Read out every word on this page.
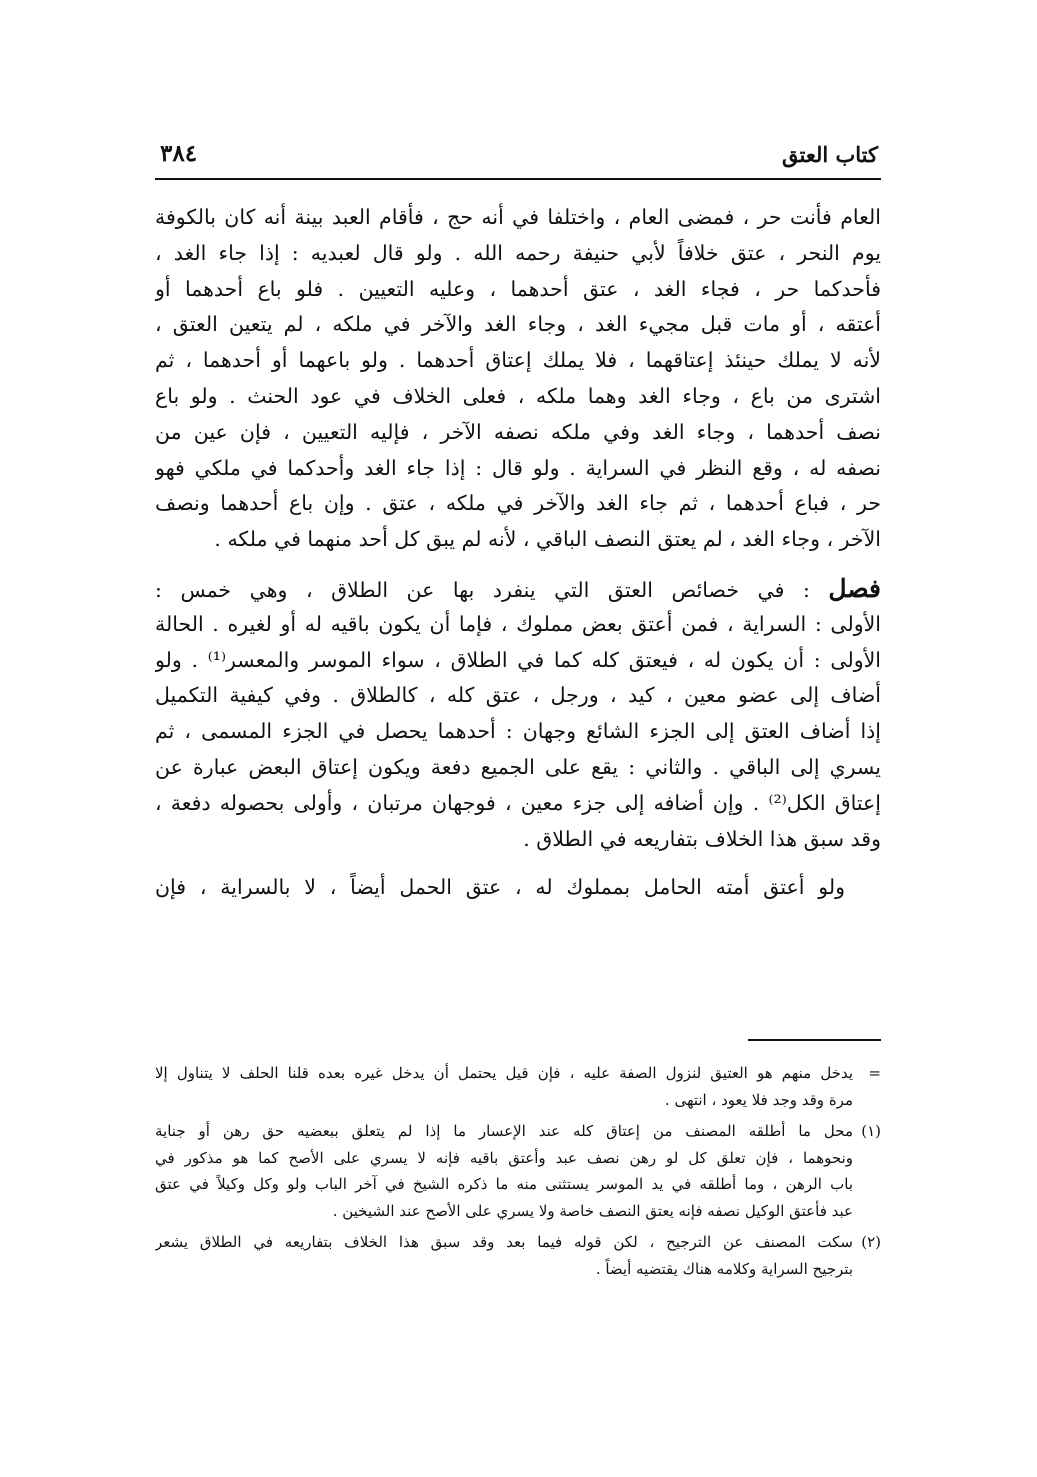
كتاب العتق
٣٨٤
العام فأنت حر ، فمضى العام ، واختلفا في أنه حج ، فأقام العبد بينة أنه كان بالكوفة
يوم النحر ، عتق خلافاً لأبي حنيفة رحمه الله . ولو قال لعبديه : إذا جاء الغد ،
فأحدكما حر ، فجاء الغد ، عتق أحدهما ، وعليه التعيين . فلو باع أحدهما أو
أعتقه ، أو مات قبل مجيء الغد ، وجاء الغد والآخر في ملكه ، لم يتعين العتق ،
لأنه لا يملك حينئذ إعتاقهما ، فلا يملك إعتاق أحدهما . ولو باعهما أو أحدهما ، ثم
اشترى من باع ، وجاء الغد وهما ملكه ، فعلى الخلاف في عود الحنث . ولو باع
نصف أحدهما ، وجاء الغد وفي ملكه نصفه الآخر ، فإليه التعيين ، فإن عين من
نصفه له ، وقع النظر في السراية . ولو قال : إذا جاء الغد وأحدكما في ملكي فهو
حر ، فباع أحدهما ، ثم جاء الغد والآخر في ملكه ، عتق . وإن باع أحدهما ونصف
الآخر ، وجاء الغد ، لم يعتق النصف الباقي ، لأنه لم يبق كل أحد منهما في ملكه .
فصل : في خصائص العتق التي ينفرد بها عن الطلاق ، وهي خمس :
الأولى : السراية ، فمن أعتق بعض مملوك ، فإما أن يكون باقيه له أو لغيره . الحالة
الأولى : أن يكون له ، فيعتق كله كما في الطلاق ، سواء الموسر والمعسر⁽¹⁾ . ولو
أضاف إلى عضو معين ، كيد ، ورجل ، عتق كله ، كالطلاق . وفي كيفية التكميل
إذا أضاف العتق إلى الجزء الشائع وجهان : أحدهما يحصل في الجزء المسمى ، ثم
يسري إلى الباقي . والثاني : يقع على الجميع دفعة ويكون إعتاق البعض عبارة عن
إعتاق الكل⁽²⁾ . وإن أضافه إلى جزء معين ، فوجهان مرتبان ، وأولى بحصوله دفعة ،
وقد سبق هذا الخلاف بتفاريعه في الطلاق .
ولو أعتق أمته الحامل بمملوك له ، عتق الحمل أيضاً ، لا بالسراية ، فإن
=
يدخل منهم هو العتيق لنزول الصفة عليه ، فإن قيل يحتمل أن يدخل غيره بعده قلنا الحلف لا يتناول إلا
مرة وقد وجد فلا يعود ، انتهى .
(١)
محل ما أطلقه المصنف من إعتاق كله عند الإعسار ما إذا لم يتعلق ببعضيه حق رهن أو جناية
ونحوهما ، فإن تعلق كل لو رهن نصف عبد وأعتق باقيه فإنه لا يسري على الأصح كما هو مذكور في
باب الرهن ، وما أطلقه في يد الموسر يستثنى منه ما ذكره الشيخ في آخر الباب ولو وكل وكيلاً في عتق
عبد فأعتق الوكيل نصفه فإنه يعتق النصف خاصة ولا يسري على الأصح عند الشيخين .
(٢)
سكت المصنف عن الترجيح ، لكن قوله فيما بعد وقد سبق هذا الخلاف بتفاريعه في الطلاق يشعر
بترجيح السراية وكلامه هناك يقتضيه أيضاً .
